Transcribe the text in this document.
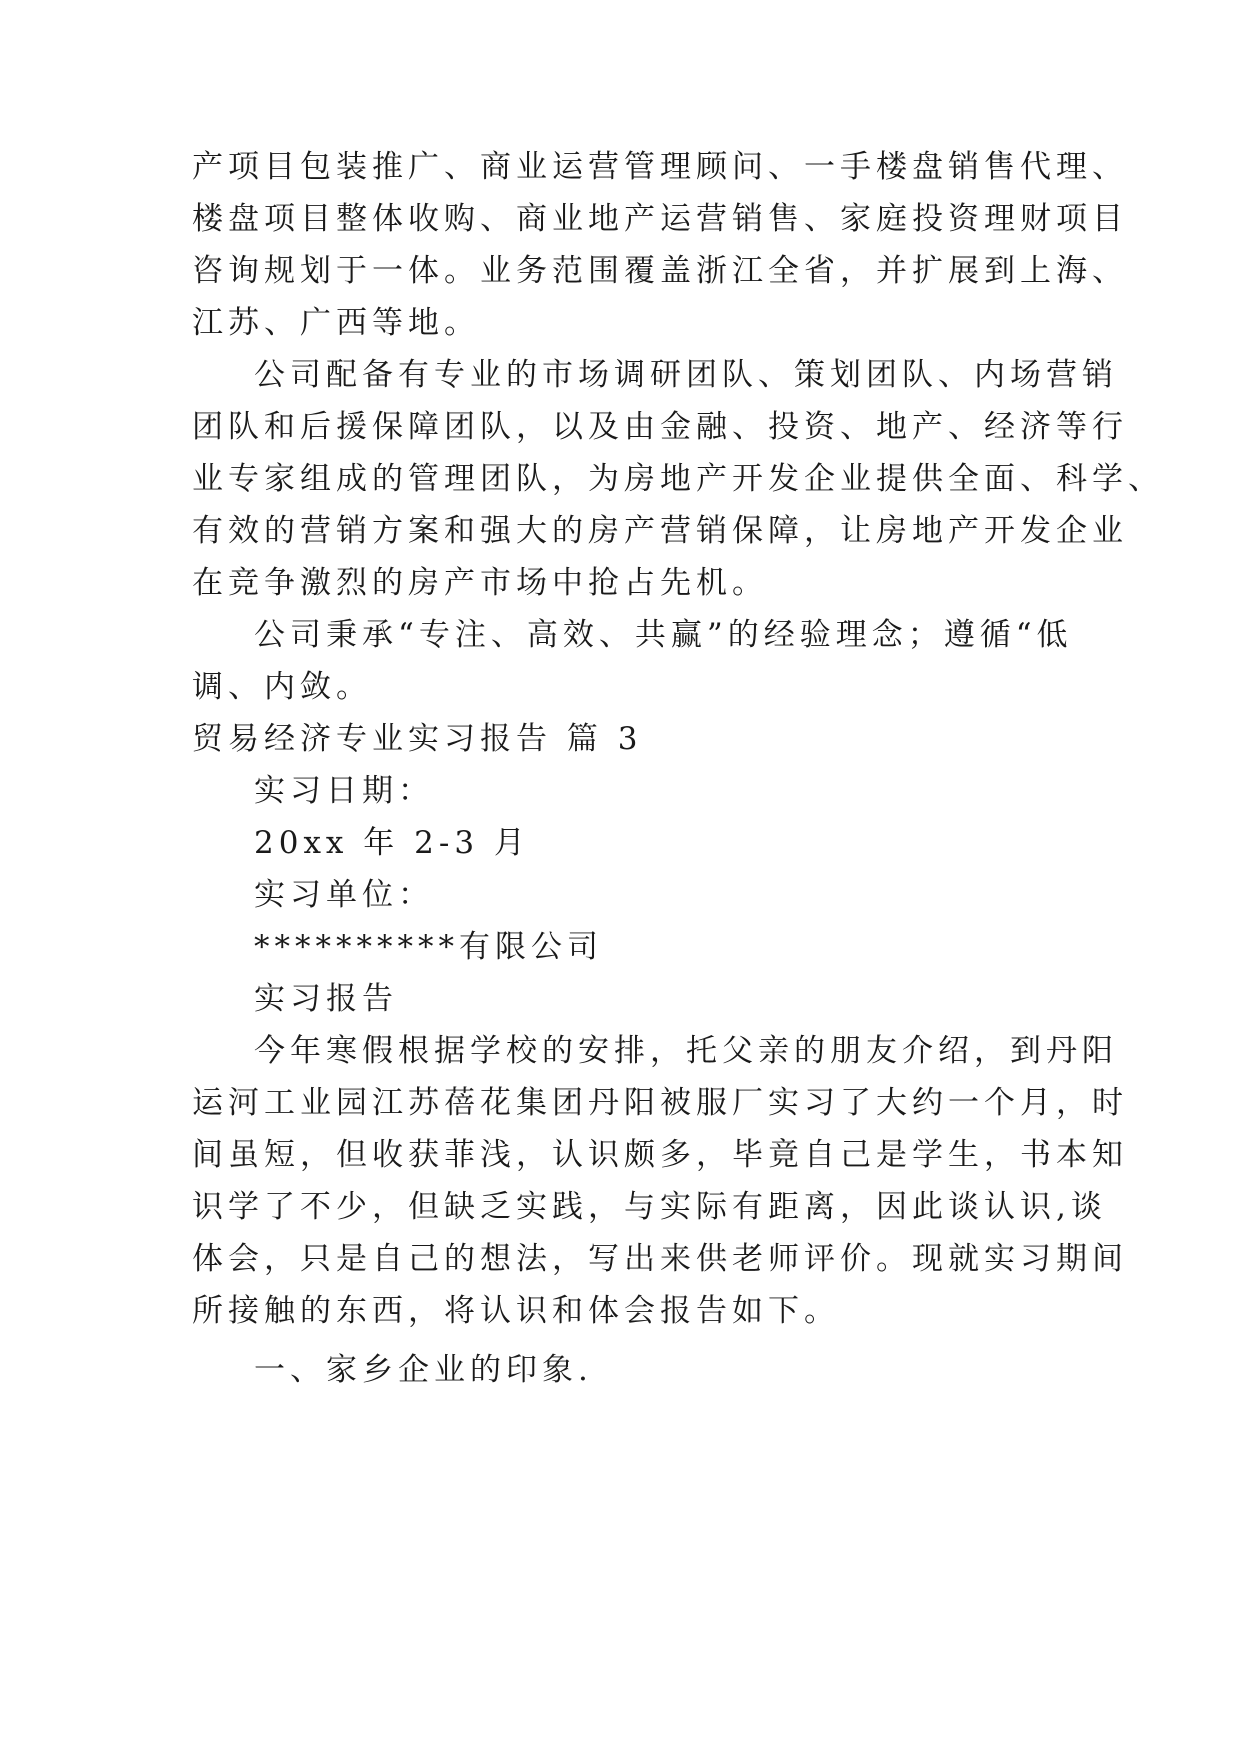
产项目包装推广、商业运营管理顾问、一手楼盘销售代理、
楼盘项目整体收购、商业地产运营销售、家庭投资理财项目
咨询规划于一体。业务范围覆盖浙江全省，并扩展到上海、
江苏、广西等地。
公司配备有专业的市场调研团队、策划团队、内场营销
团队和后援保障团队，以及由金融、投资、地产、经济等行
业专家组成的管理团队，为房地产开发企业提供全面、科学、
有效的营销方案和强大的房产营销保障，让房地产开发企业
在竞争激烈的房产市场中抢占先机。
公司秉承“专注、高效、共赢”的经验理念；遵循“低
调、内敛。
贸易经济专业实习报告 篇 3
实习日期：
20xx 年 2-3 月
实习单位：
**********有限公司
实习报告
今年寒假根据学校的安排，托父亲的朋友介绍，到丹阳
运河工业园江苏蓓花集团丹阳被服厂实习了大约一个月，时
间虽短，但收获菲浅，认识颇多，毕竟自己是学生，书本知
识学了不少，但缺乏实践，与实际有距离，因此谈认识,谈
体会，只是自己的想法，写出来供老师评价。现就实习期间
所接触的东西，将认识和体会报告如下。
一、家乡企业的印象.
